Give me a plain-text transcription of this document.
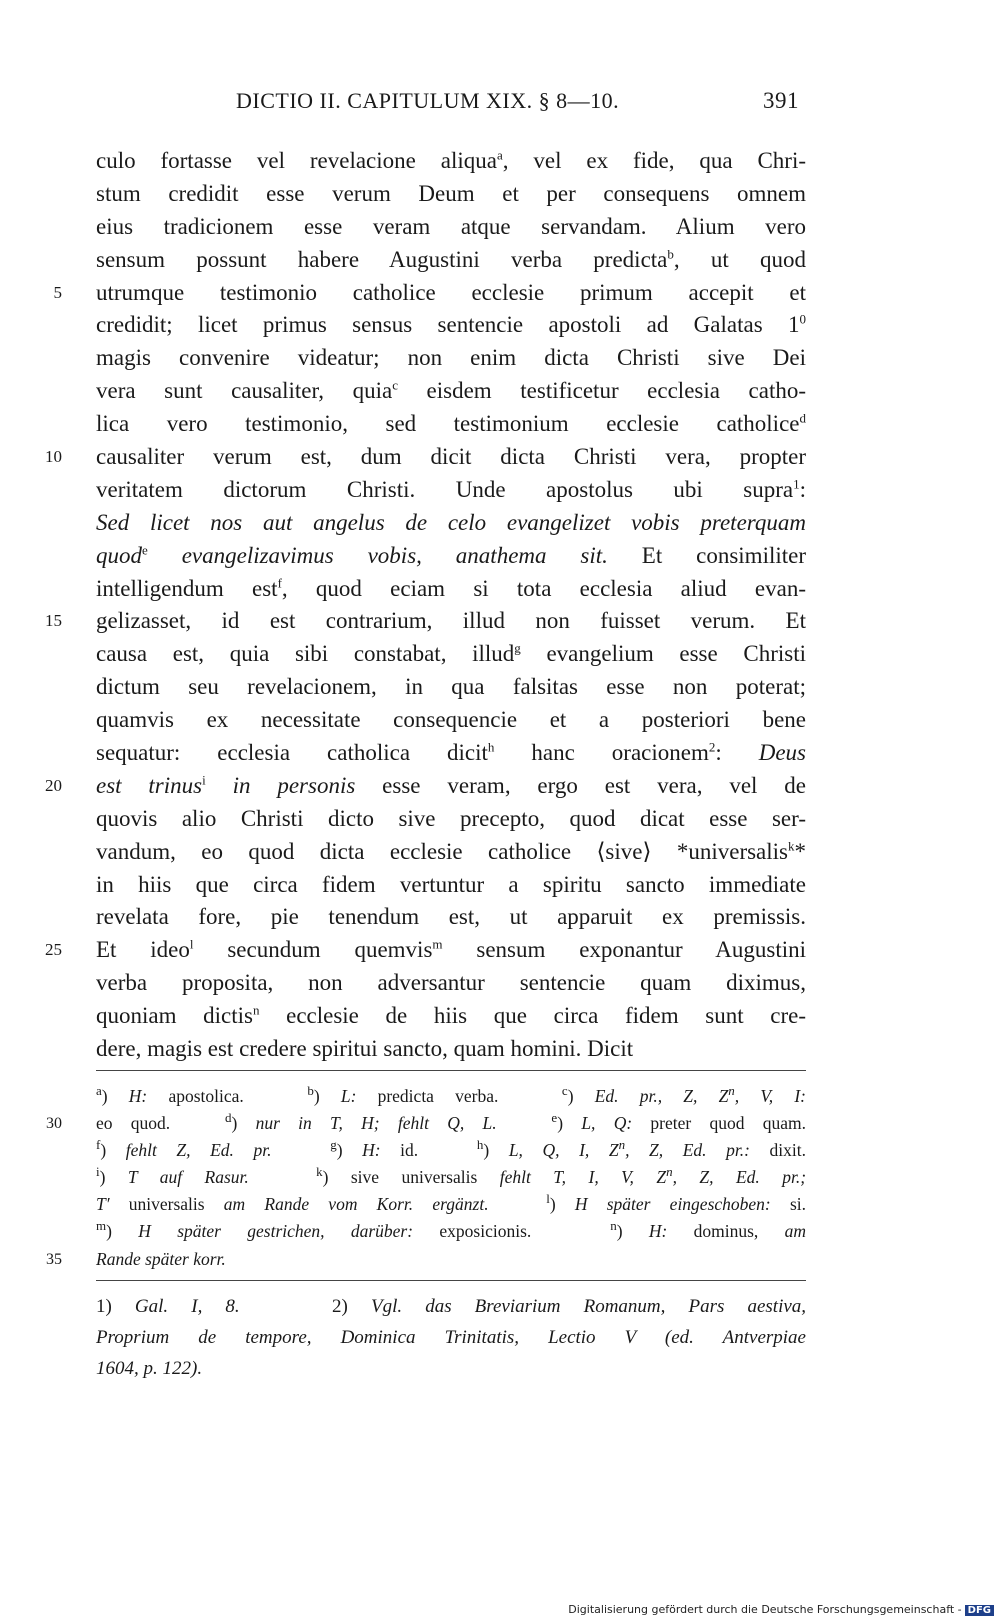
DICTIO II. CAPITULUM XIX. § 8—10.	391
culo fortasse vel revelacione aliqua$^a$, vel ex fide, qua Chri-
stum credidit esse verum Deum et per consequens omnem
eius tradicionem esse veram atque servandam. Alium vero
sensum possunt habere Augustini verba predicta$^b$, ut quod
5 utrumque testimonio catholice ecclesie primum accepit et
credidit; licet primus sensus sentencie apostoli ad Galatas $1^0$
magis convenire videatur; non enim dicta Christi sive Dei
vera sunt causaliter, quia$^c$ eisdem testificetur ecclesia catho-
lica vero testimonio, sed testimonium ecclesie catholice$^d$
10 causaliter verum est, dum dicit dicta Christi vera, propter
veritatem dictorum Christi. Unde apostolus ubi supra$^1$:
Sed licet nos aut angelus de celo evangelizet vobis preterquam
quod$^e$ evangelizavimus vobis, anathema sit. Et consimiliter
intelligendum est$^f$, quod eciam si tota ecclesia aliud evan-
15 gelizasset, id est contrarium, illud non fuisset verum. Et
causa est, quia sibi constabat, illud$^g$ evangelium esse Christi
dictum seu revelacionem, in qua falsitas esse non poterat;
quamvis ex necessitate consequencie et a posteriori bene
sequatur: ecclesia catholica dicit$^h$ hanc oracionem$^2$: Deus
20 est trinus$^i$ in personis esse veram, ergo est vera, vel de
quovis alio Christi dicto sive precepto, quod dicat esse ser-
vandum, eo quod dicta ecclesie catholice ⟨sive⟩ *universalis$^k$*
in hiis que circa fidem vertuntur a spiritu sancto immediate
revelata fore, pie tenendum est, ut apparuit ex premissis.
25 Et ideo$^l$ secundum quemvis$^m$ sensum exponantur Augustini
verba proposita, non adversantur sentencie quam diximus,
quoniam dictis$^n$ ecclesie de hiis que circa fidem sunt cre-
dere, magis est credere spiritui sancto, quam homini. Dicit
$^a$) H: apostolica.   $^b$) L: predicta verba.   $^c$) Ed. pr., Z, $Z^n$, V, I:
30 eo quod.   $^d$) nur in T, H; fehlt Q, L.	$^e$) L, Q: preter quod quam.
$^f$) fehlt Z, Ed. pr.	$^g$) H: id.   $^h$) L, Q, I, $Z^n$, Z, Ed. pr.: dixit.
$^i$) T auf Rasur.	$^k$) sive universalis fehlt T, I, V, $Z^n$, Z, Ed. pr.;
T′ universalis am Rande vom Korr. ergänzt.	$^l$) H später eingeschoben: si.
$^m$) H später gestrichen, darüber: exposicionis.   $^n$) H: dominus, am
35 Rande später korr.
1) Gal. I, 8.    2) Vgl. das Breviarium Romanum, Pars aestiva,
Proprium de tempore, Dominica Trinitatis, Lectio V (ed. Antverpiae
1604, p. 122).
Digitalisierung gefördert durch die Deutsche Forschungsgemeinschaft - DFG
